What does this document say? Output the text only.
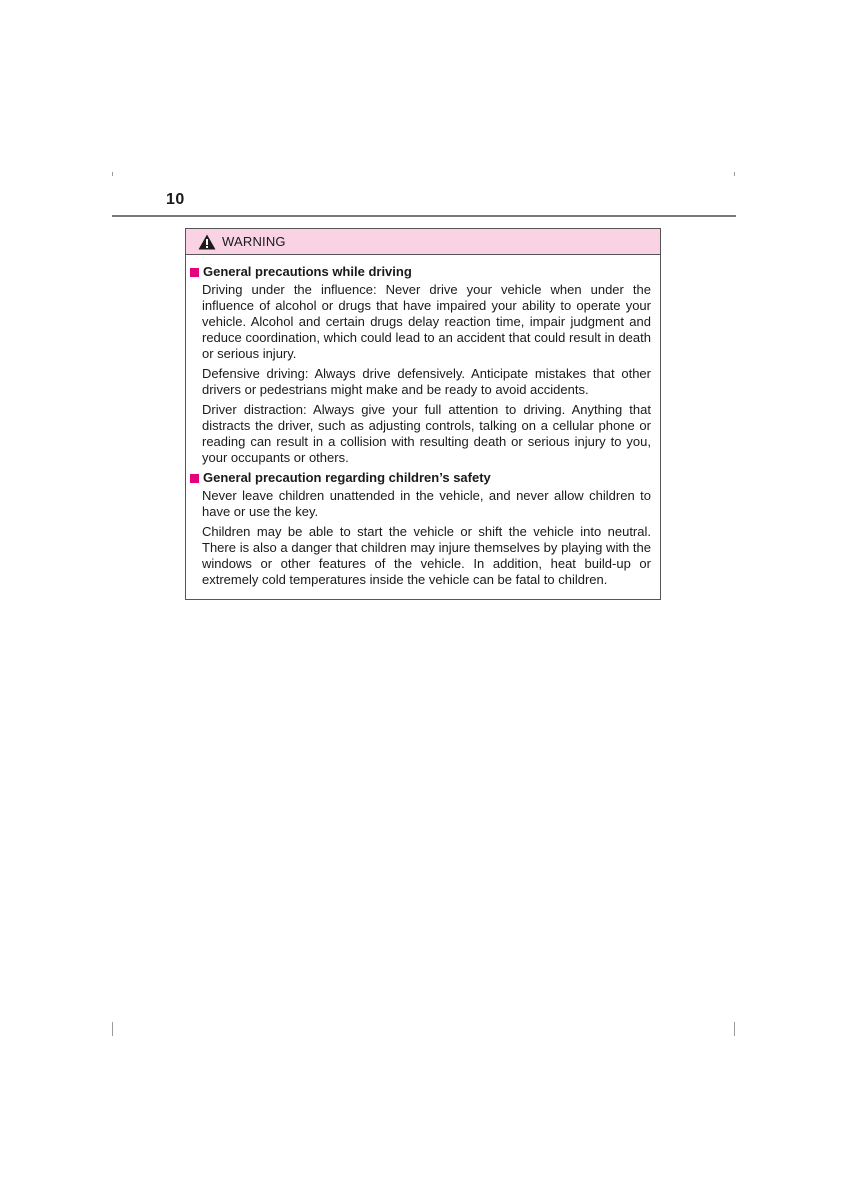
10
WARNING
General precautions while driving

Driving under the influence: Never drive your vehicle when under the influence of alcohol or drugs that have impaired your ability to operate your vehicle. Alcohol and certain drugs delay reaction time, impair judgment and reduce coordination, which could lead to an accident that could result in death or serious injury.

Defensive driving: Always drive defensively. Anticipate mistakes that other drivers or pedestrians might make and be ready to avoid accidents.

Driver distraction: Always give your full attention to driving. Anything that distracts the driver, such as adjusting controls, talking on a cellular phone or reading can result in a collision with resulting death or serious injury to you, your occupants or others.

General precaution regarding children’s safety

Never leave children unattended in the vehicle, and never allow children to have or use the key.

Children may be able to start the vehicle or shift the vehicle into neutral. There is also a danger that children may injure themselves by playing with the windows or other features of the vehicle. In addition, heat build-up or extremely cold temperatures inside the vehicle can be fatal to children.
